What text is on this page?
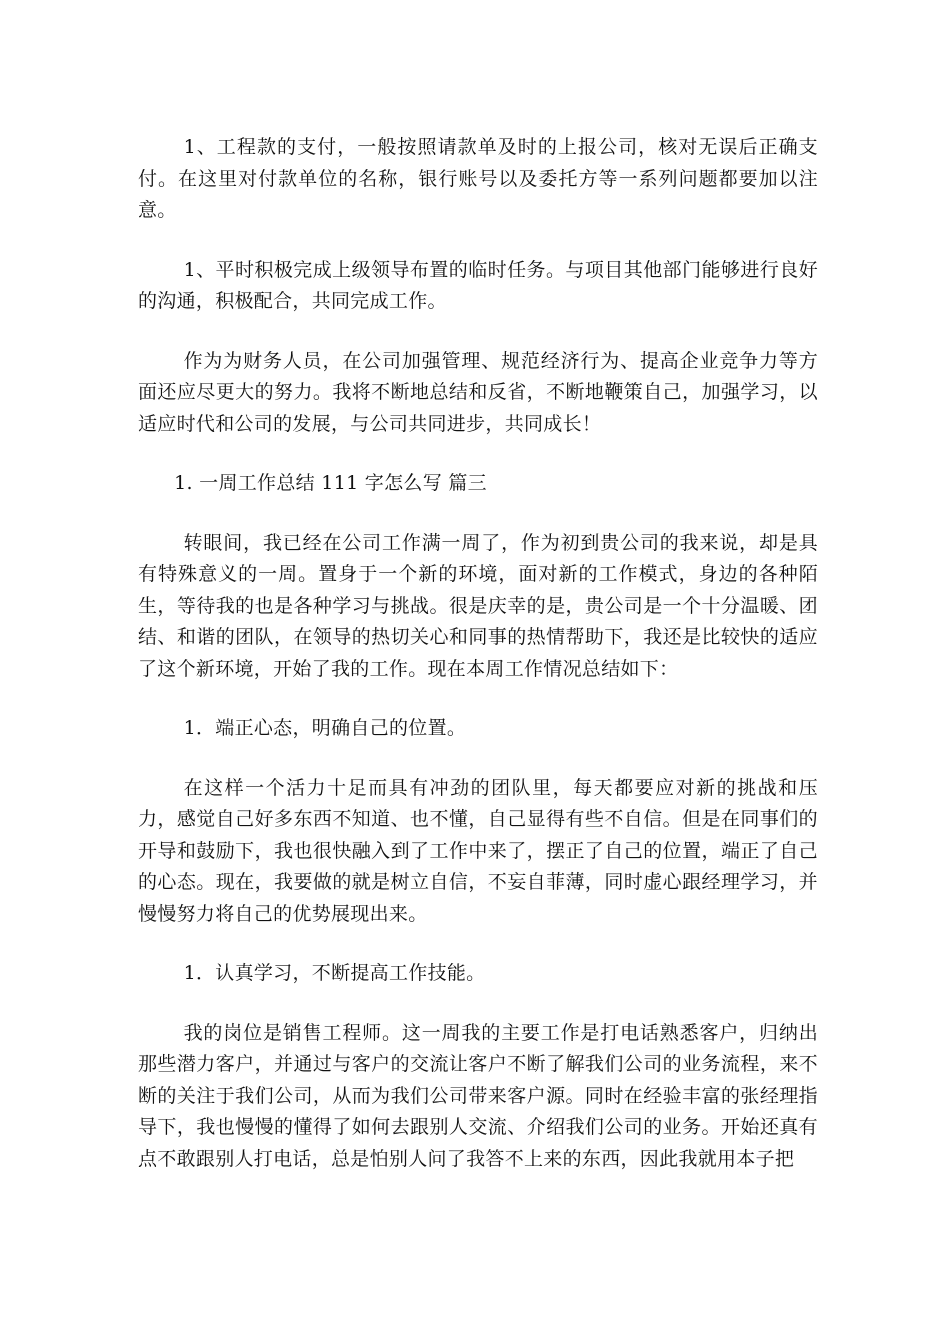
1、工程款的支付，一般按照请款单及时的上报公司，核对无误后正确支付。在这里对付款单位的名称，银行账号以及委托方等一系列问题都要加以注意。

1、平时积极完成上级领导布置的临时任务。与项目其他部门能够进行良好的沟通，积极配合，共同完成工作。

作为为财务人员，在公司加强管理、规范经济行为、提高企业竞争力等方面还应尽更大的努力。我将不断地总结和反省，不断地鞭策自己，加强学习，以适应时代和公司的发展，与公司共同进步，共同成长！

1. 一周工作总结 111 字怎么写 篇三

转眼间，我已经在公司工作满一周了，作为初到贵公司的我来说，却是具有特殊意义的一周。置身于一个新的环境，面对新的工作模式，身边的各种陌生，等待我的也是各种学习与挑战。很是庆幸的是，贵公司是一个十分温暖、团结、和谐的团队，在领导的热切关心和同事的热情帮助下，我还是比较快的适应了这个新环境，开始了我的工作。现在本周工作情况总结如下：

1．端正心态，明确自己的位置。

在这样一个活力十足而具有冲劲的团队里，每天都要应对新的挑战和压力，感觉自己好多东西不知道、也不懂，自己显得有些不自信。但是在同事们的开导和鼓励下，我也很快融入到了工作中来了，摆正了自己的位置，端正了自己的心态。现在，我要做的就是树立自信，不妄自菲薄，同时虚心跟经理学习，并慢慢努力将自己的优势展现出来。

1．认真学习，不断提高工作技能。

我的岗位是销售工程师。这一周我的主要工作是打电话熟悉客户，归纳出那些潜力客户，并通过与客户的交流让客户不断了解我们公司的业务流程，来不断的关注于我们公司，从而为我们公司带来客户源。同时在经验丰富的张经理指导下，我也慢慢的懂得了如何去跟别人交流、介绍我们公司的业务。开始还真有点不敢跟别人打电话，总是怕别人问了我答不上来的东西，因此我就用本子把
